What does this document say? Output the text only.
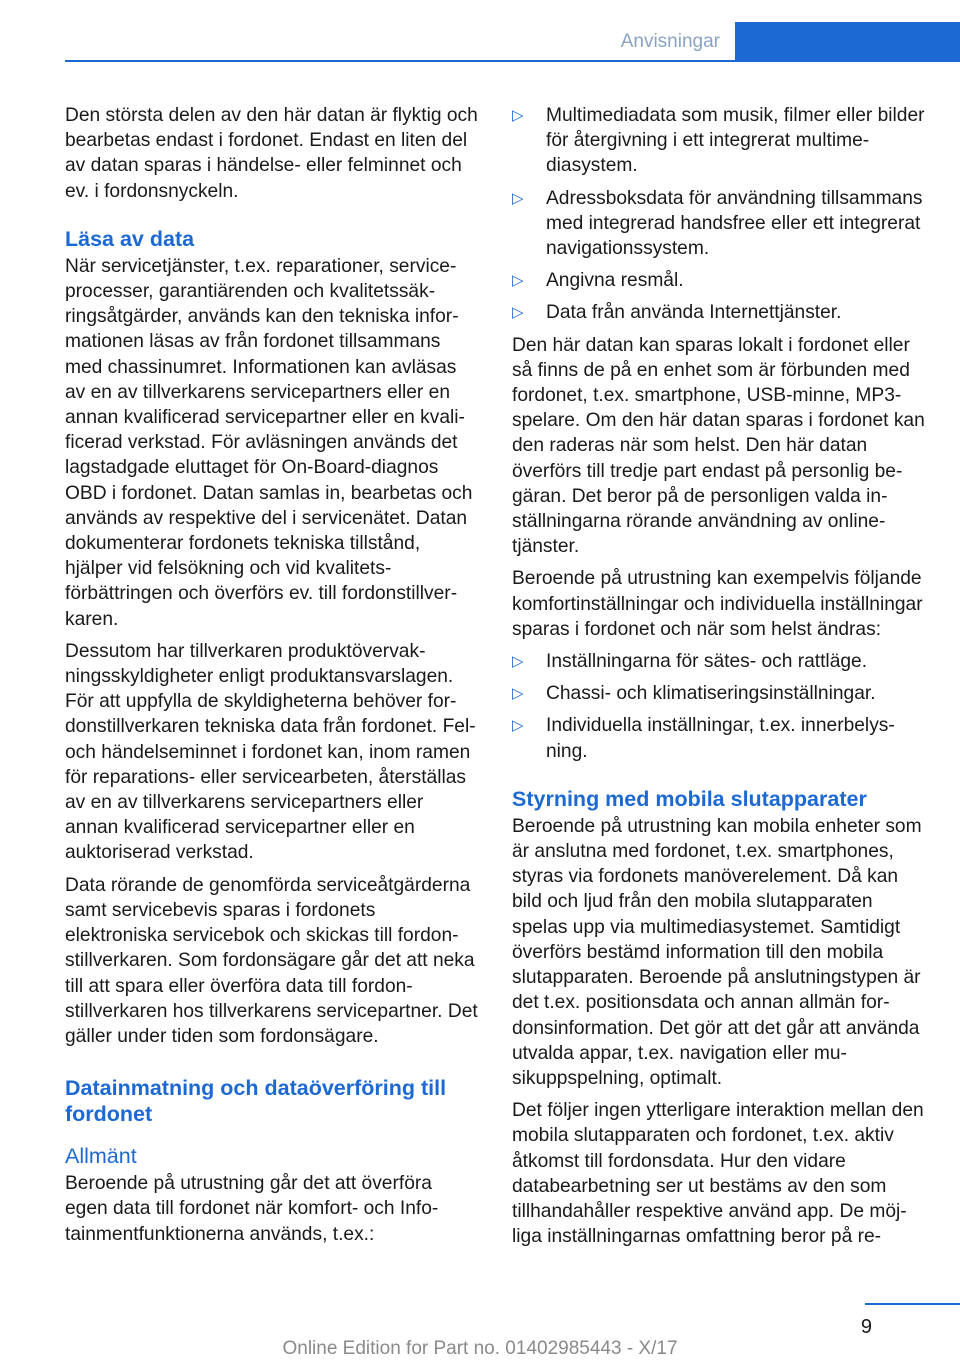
Anvisningar

Den största delen av den här datan är flyktig och bearbetas endast i fordonet. Endast en liten del av datan sparas i händelse- eller felminnet och ev. i fordonsnyckeln.

Läsa av data

När servicetjänster, t.ex. reparationer, serviceprocesser, garantiärenden och kvalitetssäkringsåtgärder, används kan den tekniska informationen läsas av från fordonet tillsammans med chassinumret. Informationen kan avläsas av en av tillverkarens servicepartners eller en annan kvalificerad servicepartner eller en kvalificerad verkstad. För avläsningen används det lagstadgade eluttaget för On-Board-diagnos OBD i fordonet. Datan samlas in, bearbetas och används av respektive del i servicenätet. Datan dokumenterar fordonets tekniska tillstånd, hjälper vid felsökning och vid kvalitetsförbättringen och överförs ev. till fordonstillverkaren.

Dessutom har tillverkaren produktövervakningsskyldigheter enligt produktansvarslagen. För att uppfylla de skyldigheterna behöver fordonstillverkaren tekniska data från fordonet. Fel- och händelseminnet i fordonet kan, inom ramen för reparations- eller servicearbeten, återställas av en av tillverkarens servicepartners eller annan kvalificerad servicepartner eller en auktoriserad verkstad.

Data rörande de genomförda serviceåtgärderna samt servicebevis sparas i fordonets elektroniska servicebok och skickas till fordonstillverkaren. Som fordonsägare går det att neka till att spara eller överföra data till fordonstillverkaren hos tillverkarens servicepartner. Det gäller under tiden som fordonsägare.

Datainmatning och dataöverföring till fordonet
Allmänt

Beroende på utrustning går det att överföra egen data till fordonet när komfort- och Infotainmentfunktionerna används, t.ex.:

▷ Multimediadata som musik, filmer eller bilder för återgivning i ett integrerat multimediasystem.
▷ Adressboksdata för användning tillsammans med integrerad handsfree eller ett integrerat navigationssystem.
▷ Angivna resmål.
▷ Data från använda Internettjänster.

Den här datan kan sparas lokalt i fordonet eller så finns de på en enhet som är förbunden med fordonet, t.ex. smartphone, USB-minne, MP3-spelare. Om den här datan sparas i fordonet kan den raderas när som helst. Den här datan överförs till tredje part endast på personlig begäran. Det beror på de personligen valda inställningarna rörande användning av onlinetjänster.

Beroende på utrustning kan exempelvis följande komfortinställningar och individuella inställningar sparas i fordonet och när som helst ändras:

▷ Inställningarna för sätes- och rattläge.
▷ Chassi- och klimatiseringsinställningar.
▷ Individuella inställningar, t.ex. innerbelysning.
Styrning med mobila slutapparater

Beroende på utrustning kan mobila enheter som är anslutna med fordonet, t.ex. smartphones, styras via fordonets manöverelement. Då kan bild och ljud från den mobila slutapparaten spelas upp via multimediasystemet. Samtidigt överförs bestämd information till den mobila slutapparaten. Beroende på anslutningstypen är det t.ex. positionsdata och annan allmän fordonsinformation. Det gör att det går att använda utvalda appar, t.ex. navigation eller musikuppspelning, optimalt.

Det följer ingen ytterligare interaktion mellan den mobila slutapparaten och fordonet, t.ex. aktiv åtkomst till fordonsdata. Hur den vidare databearbetning ser ut bestäms av den som tillhandahåller respektive använd app. De möjliga inställningarnas omfattning beror på re-

9
Online Edition for Part no. 01402985443 - X/17
